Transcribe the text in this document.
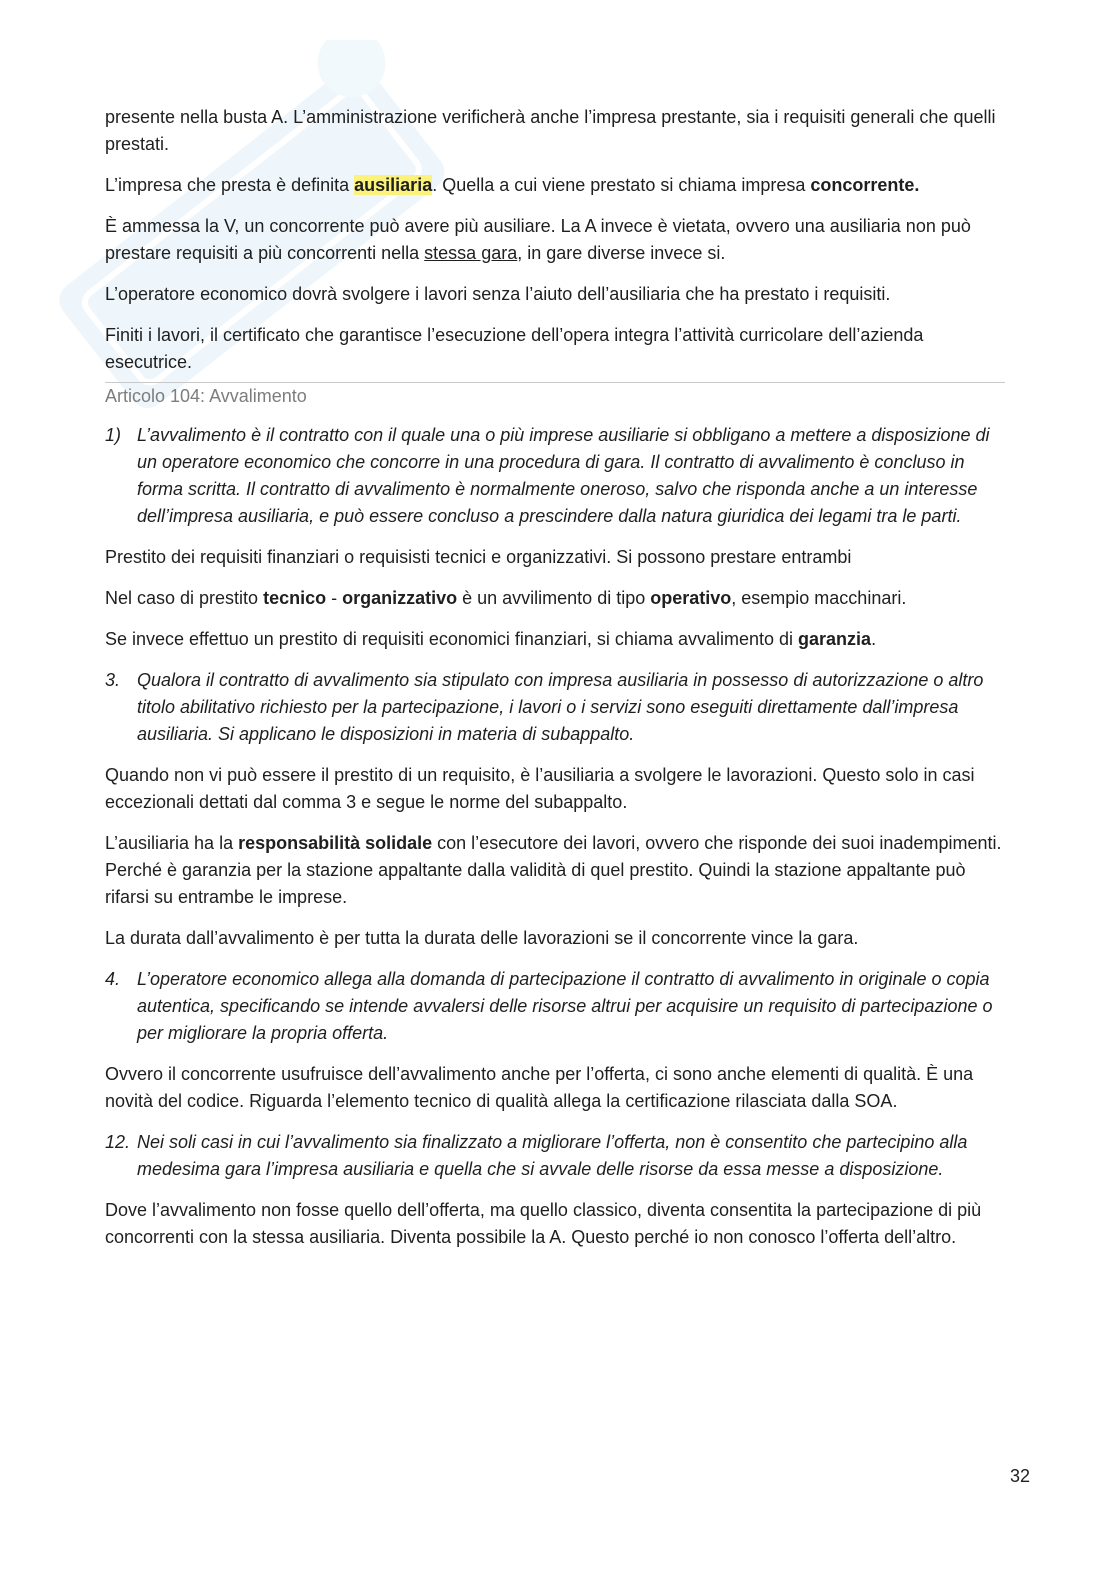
presente nella busta A. L’amministrazione verificherà anche l’impresa prestante, sia i requisiti generali che quelli prestati.

L’impresa che presta è definita ausiliaria. Quella a cui viene prestato si chiama impresa concorrente.

È ammessa la V, un concorrente può avere più ausiliare. La A invece è vietata, ovvero una ausiliaria non può prestare requisiti a più concorrenti nella stessa gara, in gare diverse invece si.

L’operatore economico dovrà svolgere i lavori senza l’aiuto dell’ausiliaria che ha prestato i requisiti.

Finiti i lavori, il certificato che garantisce l’esecuzione dell’opera integra l’attività curricolare dell’azienda esecutrice.

Articolo 104: Avvalimento
1) L’avvalimento è il contratto con il quale una o più imprese ausiliarie si obbligano a mettere a disposizione di un operatore economico che concorre in una procedura di gara. Il contratto di avvalimento è concluso in forma scritta. Il contratto di avvalimento è normalmente oneroso, salvo che risponda anche a un interesse dell’impresa ausiliaria, e può essere concluso a prescindere dalla natura giuridica dei legami tra le parti.

Prestito dei requisiti finanziari o requisisti tecnici e organizzativi. Si possono prestare entrambi

Nel caso di prestito tecnico - organizzativo è un avvilimento di tipo operativo, esempio macchinari.

Se invece effettuo un prestito di requisiti economici finanziari, si chiama avvalimento di garanzia.

3. Qualora il contratto di avvalimento sia stipulato con impresa ausiliaria in possesso di autorizzazione o altro titolo abilitativo richiesto per la partecipazione, i lavori o i servizi sono eseguiti direttamente dall’impresa ausiliaria. Si applicano le disposizioni in materia di subappalto.

Quando non vi può essere il prestito di un requisito, è l’ausiliaria a svolgere le lavorazioni. Questo solo in casi eccezionali dettati dal comma 3 e segue le norme del subappalto.

L’ausiliaria ha la responsabilità solidale con l’esecutore dei lavori, ovvero che risponde dei suoi inadempimenti. Perché è garanzia per la stazione appaltante dalla validità di quel prestito. Quindi la stazione appaltante può rifarsi su entrambe le imprese.

La durata dall’avvalimento è per tutta la durata delle lavorazioni se il concorrente vince la gara.

4. L’operatore economico allega alla domanda di partecipazione il contratto di avvalimento in originale o copia autentica, specificando se intende avvalersi delle risorse altrui per acquisire un requisito di partecipazione o per migliorare la propria offerta.

Ovvero il concorrente usufruisce dell’avvalimento anche per l’offerta, ci sono anche elementi di qualità. È una novità del codice. Riguarda l’elemento tecnico di qualità allega la certificazione rilasciata dalla SOA.

12. Nei soli casi in cui l’avvalimento sia finalizzato a migliorare l’offerta, non è consentito che partecipino alla medesima gara l’impresa ausiliaria e quella che si avvale delle risorse da essa messe a disposizione.

Dove l’avvalimento non fosse quello dell’offerta, ma quello classico, diventa consentita la partecipazione di più concorrenti con la stessa ausiliaria. Diventa possibile la A. Questo perché io non conosco l’offerta dell’altro.

32
